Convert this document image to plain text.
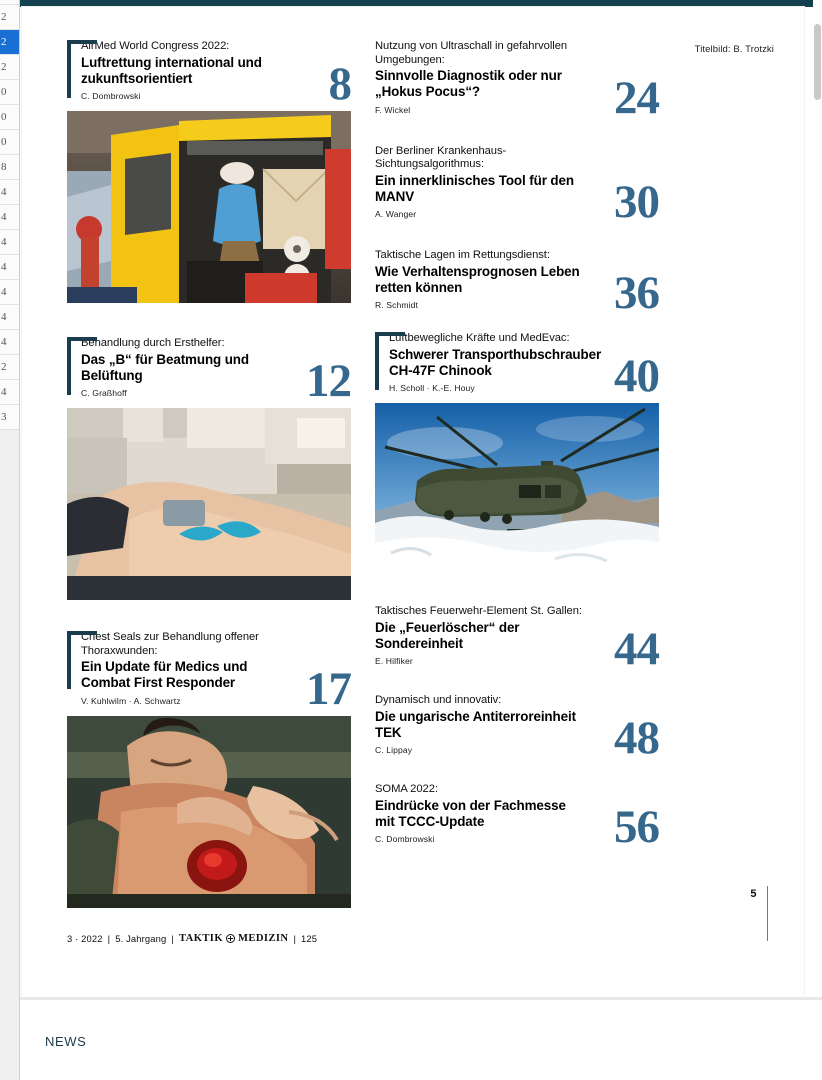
2
2
2
0
0
0
8
4
4
4
4
4
4
4
2
4
3
Titelbild: B. Trotzki
AirMed World Congress 2022:
Luftrettung international und zukunftsorientiert
C. Dombrowski	8
Behandlung durch Ersthelfer:
Das „B“ für Beatmung und Belüftung
C. Graßhoff	12
Chest Seals zur Behandlung offener Thoraxwunden:
Ein Update für Medics und Combat First Responder
V. Kuhlwilm · A. Schwartz	17
Nutzung von Ultraschall in gefahrvollen Umgebungen:
Sinnvolle Diagnostik oder nur „Hokus Pocus“?
F. Wickel	24
Der Berliner Krankenhaus-Sichtungsalgorithmus:
Ein innerklinisches Tool für den MANV
A. Wanger	30
Taktische Lagen im Rettungsdienst:
Wie Verhaltensprognosen Leben retten können
R. Schmidt	36
Luftbewegliche Kräfte und MedEvac:
Schwerer Transporthubschrauber CH-47F Chinook
H. Scholl · K.-E. Houy	40
Taktisches Feuerwehr-Element St. Gallen:
Die „Feuerlöscher“ der Sondereinheit
E. Hilfiker	44
Dynamisch und innovativ:
Die ungarische Antiterroreinheit TEK
C. Lippay	48
SOMA 2022:
Eindrücke von der Fachmesse mit TCCC-Update
C. Dombrowski	56
3 · 2022 | 5. Jahrgang | TAKTIK MEDIZIN | 125
5
NEWS
